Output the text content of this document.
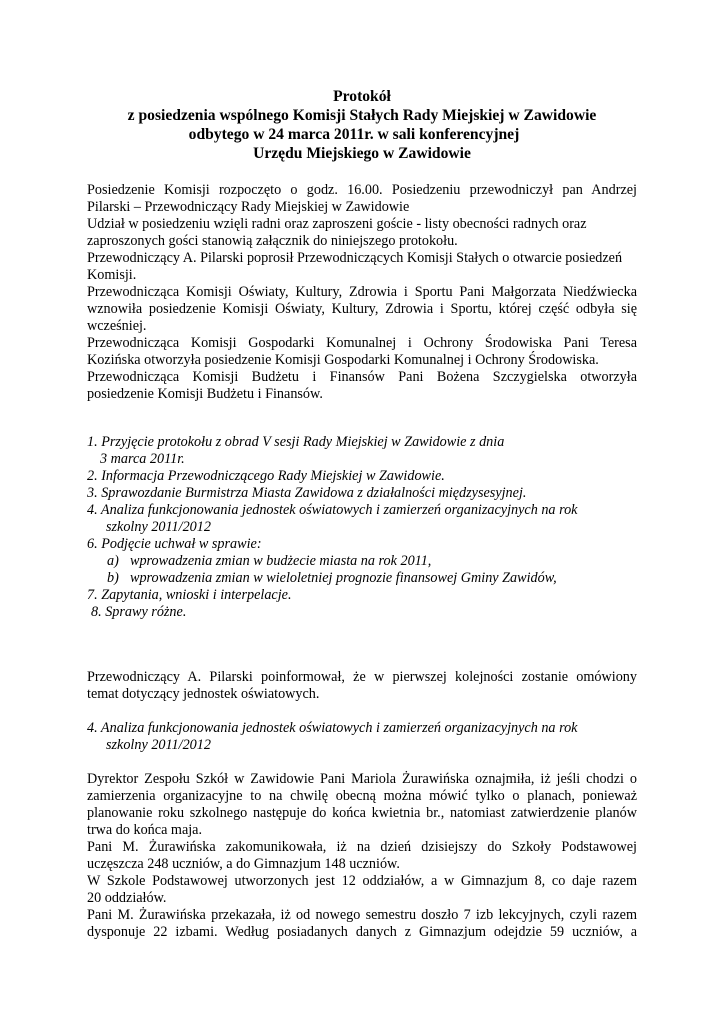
Protokół
z posiedzenia wspólnego Komisji Stałych Rady Miejskiej w Zawidowie
odbytego w 24 marca 2011r. w sali konferencyjnej
Urzędu Miejskiego w Zawidowie

Posiedzenie Komisji rozpoczęto o godz. 16.00. Posiedzeniu przewodniczył pan Andrzej

Pilarski – Przewodniczący Rady Miejskiej w Zawidowie

Udział w posiedzeniu wzięli radni oraz zaproszeni goście - listy obecności radnych oraz

zaproszonych gości stanowią załącznik do niniejszego protokołu.

Przewodniczący A. Pilarski poprosił Przewodniczących Komisji Stałych o otwarcie posiedzeń

Komisji.

Przewodnicząca Komisji Oświaty, Kultury, Zdrowia i Sportu Pani Małgorzata Niedźwiecka

wznowiła posiedzenie Komisji Oświaty, Kultury, Zdrowia i Sportu, której część odbyła się

wcześniej.

Przewodnicząca Komisji Gospodarki Komunalnej i Ochrony Środowiska Pani Teresa

Kozińska otworzyła posiedzenie Komisji Gospodarki Komunalnej i Ochrony Środowiska.

Przewodnicząca Komisji Budżetu i Finansów Pani Bożena Szczygielska otworzyła

posiedzenie Komisji Budżetu i Finansów.

1. Przyjęcie protokołu z obrad V sesji Rady Miejskiej w Zawidowie z dnia
3 marca 2011r.
2. Informacja Przewodniczącego Rady Miejskiej w Zawidowie.
3. Sprawozdanie Burmistrza Miasta Zawidowa z działalności międzysesyjnej.
4. Analiza funkcjonowania jednostek oświatowych i zamierzeń organizacyjnych na rok
szkolny 2011/2012
6. Podjęcie uchwał w sprawie:
a) wprowadzenia zmian w budżecie miasta na rok 2011,
b) wprowadzenia zmian w wieloletniej prognozie finansowej Gminy Zawidów,
7. Zapytania, wnioski i interpelacje.
8. Sprawy różne.

Przewodniczący A. Pilarski poinformował, że w pierwszej kolejności zostanie omówiony

temat dotyczący jednostek oświatowych.

4. Analiza funkcjonowania jednostek oświatowych i zamierzeń organizacyjnych na rok
szkolny 2011/2012

Dyrektor Zespołu Szkół w Zawidowie Pani Mariola Żurawińska oznajmiła, iż jeśli chodzi o

zamierzenia organizacyjne to na chwilę obecną można mówić tylko o planach, ponieważ

planowanie roku szkolnego następuje do końca kwietnia br., natomiast zatwierdzenie planów

trwa do końca maja.

Pani M. Żurawińska zakomunikowała, iż na dzień dzisiejszy do Szkoły Podstawowej

uczęszcza 248 uczniów, a do Gimnazjum 148 uczniów.

W Szkole Podstawowej utworzonych jest 12 oddziałów, a w Gimnazjum 8, co daje razem

20 oddziałów.

Pani M. Żurawińska przekazała, iż od nowego semestru doszło 7 izb lekcyjnych, czyli razem

dysponuje 22 izbami. Według posiadanych danych z Gimnazjum odejdzie 59 uczniów, a
